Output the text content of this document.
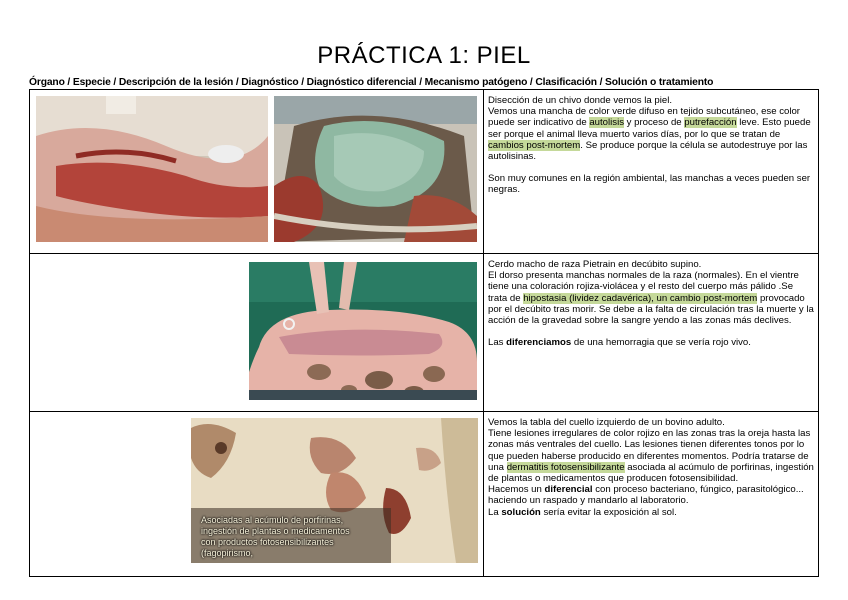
PRÁCTICA 1: PIEL
Órgano / Especie / Descripción de la lesión / Diagnóstico / Diagnóstico diferencial / Mecanismo patógeno / Clasificación / Solución o tratamiento

Disección de un chivo donde vemos la piel.
Vemos una mancha de color verde difuso en tejido subcutáneo, ese color puede ser indicativo de autolisis y proceso de putrefacción leve. Esto puede ser porque el animal lleva muerto varios días, por lo que se tratan de cambios post-mortem. Se produce porque la célula se autodestruye por las autolisinas.

Son muy comunes en la región ambiental, las manchas a veces pueden ser negras.

Cerdo macho de raza Pietrain en decúbito supino.
El dorso presenta manchas normales de la raza (normales). En el vientre tiene una coloración rojiza-violácea y el resto del cuerpo más pálido .Se trata de hipostasia (lividez cadavérica), un cambio post-mortem provocado por el decúbito tras morir. Se debe a la falta de circulación tras la muerte y la acción de la gravedad sobre la sangre yendo a las zonas más declives.

Las diferenciamos de una hemorragia que se vería rojo vivo.

Asociadas al acúmulo de porfirinas, ingestión de plantas o medicamentos con productos fotosensibilizantes (fagopirismo,	Vemos la tabla del cuello izquierdo de un bovino adulto.
Tiene lesiones irregulares de color rojizo en las zonas tras la oreja hasta las zonas más ventrales del cuello. Las lesiones tienen diferentes tonos por lo que pueden haberse producido en diferentes momentos. Podría tratarse de una dermatitis fotosensibilizante asociada al acúmulo de porfirinas, ingestión de plantas o medicamentos que producen fotosensibilidad.
Hacemos un diferencial con proceso bacteriano, fúngico, parasitológico... haciendo un raspado y mandarlo al laboratorio.
La solución sería evitar la exposición al sol.
